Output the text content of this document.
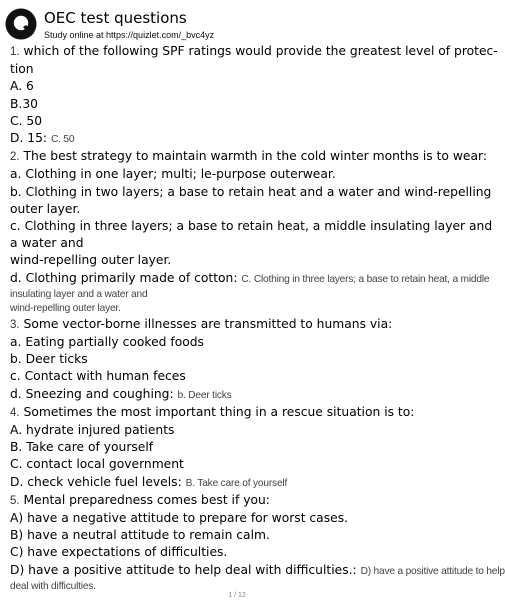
OEC test questions
Study online at https://quizlet.com/_bvc4yz
1. which of the following SPF ratings would provide the greatest level of protec-
tion
A. 6
B.30
C. 50
D. 15: C. 50
2. The best strategy to maintain warmth in the cold winter months is to wear:
a. Clothing in one layer; multi; le-purpose outerwear.
b. Clothing in two layers; a base to retain heat and a water and wind-repelling
outer layer.
c. Clothing in three layers; a base to retain heat, a middle insulating layer and
a water and
wind-repelling outer layer.
d. Clothing primarily made of cotton: C. Clothing in three layers; a base to retain heat, a middle
insulating layer and a water and
wind-repelling outer layer.
3. Some vector-borne illnesses are transmitted to humans via:
a. Eating partially cooked foods
b. Deer ticks
c. Contact with human feces
d. Sneezing and coughing: b. Deer ticks
4. Sometimes the most important thing in a rescue situation is to:
A. hydrate injured patients
B. Take care of yourself
C. contact local government
D. check vehicle fuel levels: B. Take care of yourself
5. Mental preparedness comes best if you:
A) have a negative attitude to prepare for worst cases.
B) have a neutral attitude to remain calm.
C) have expectations of difficulties.
D) have a positive attitude to help deal with difficulties.: D) have a positive attitude to help
deal with difficulties.
1 / 12
